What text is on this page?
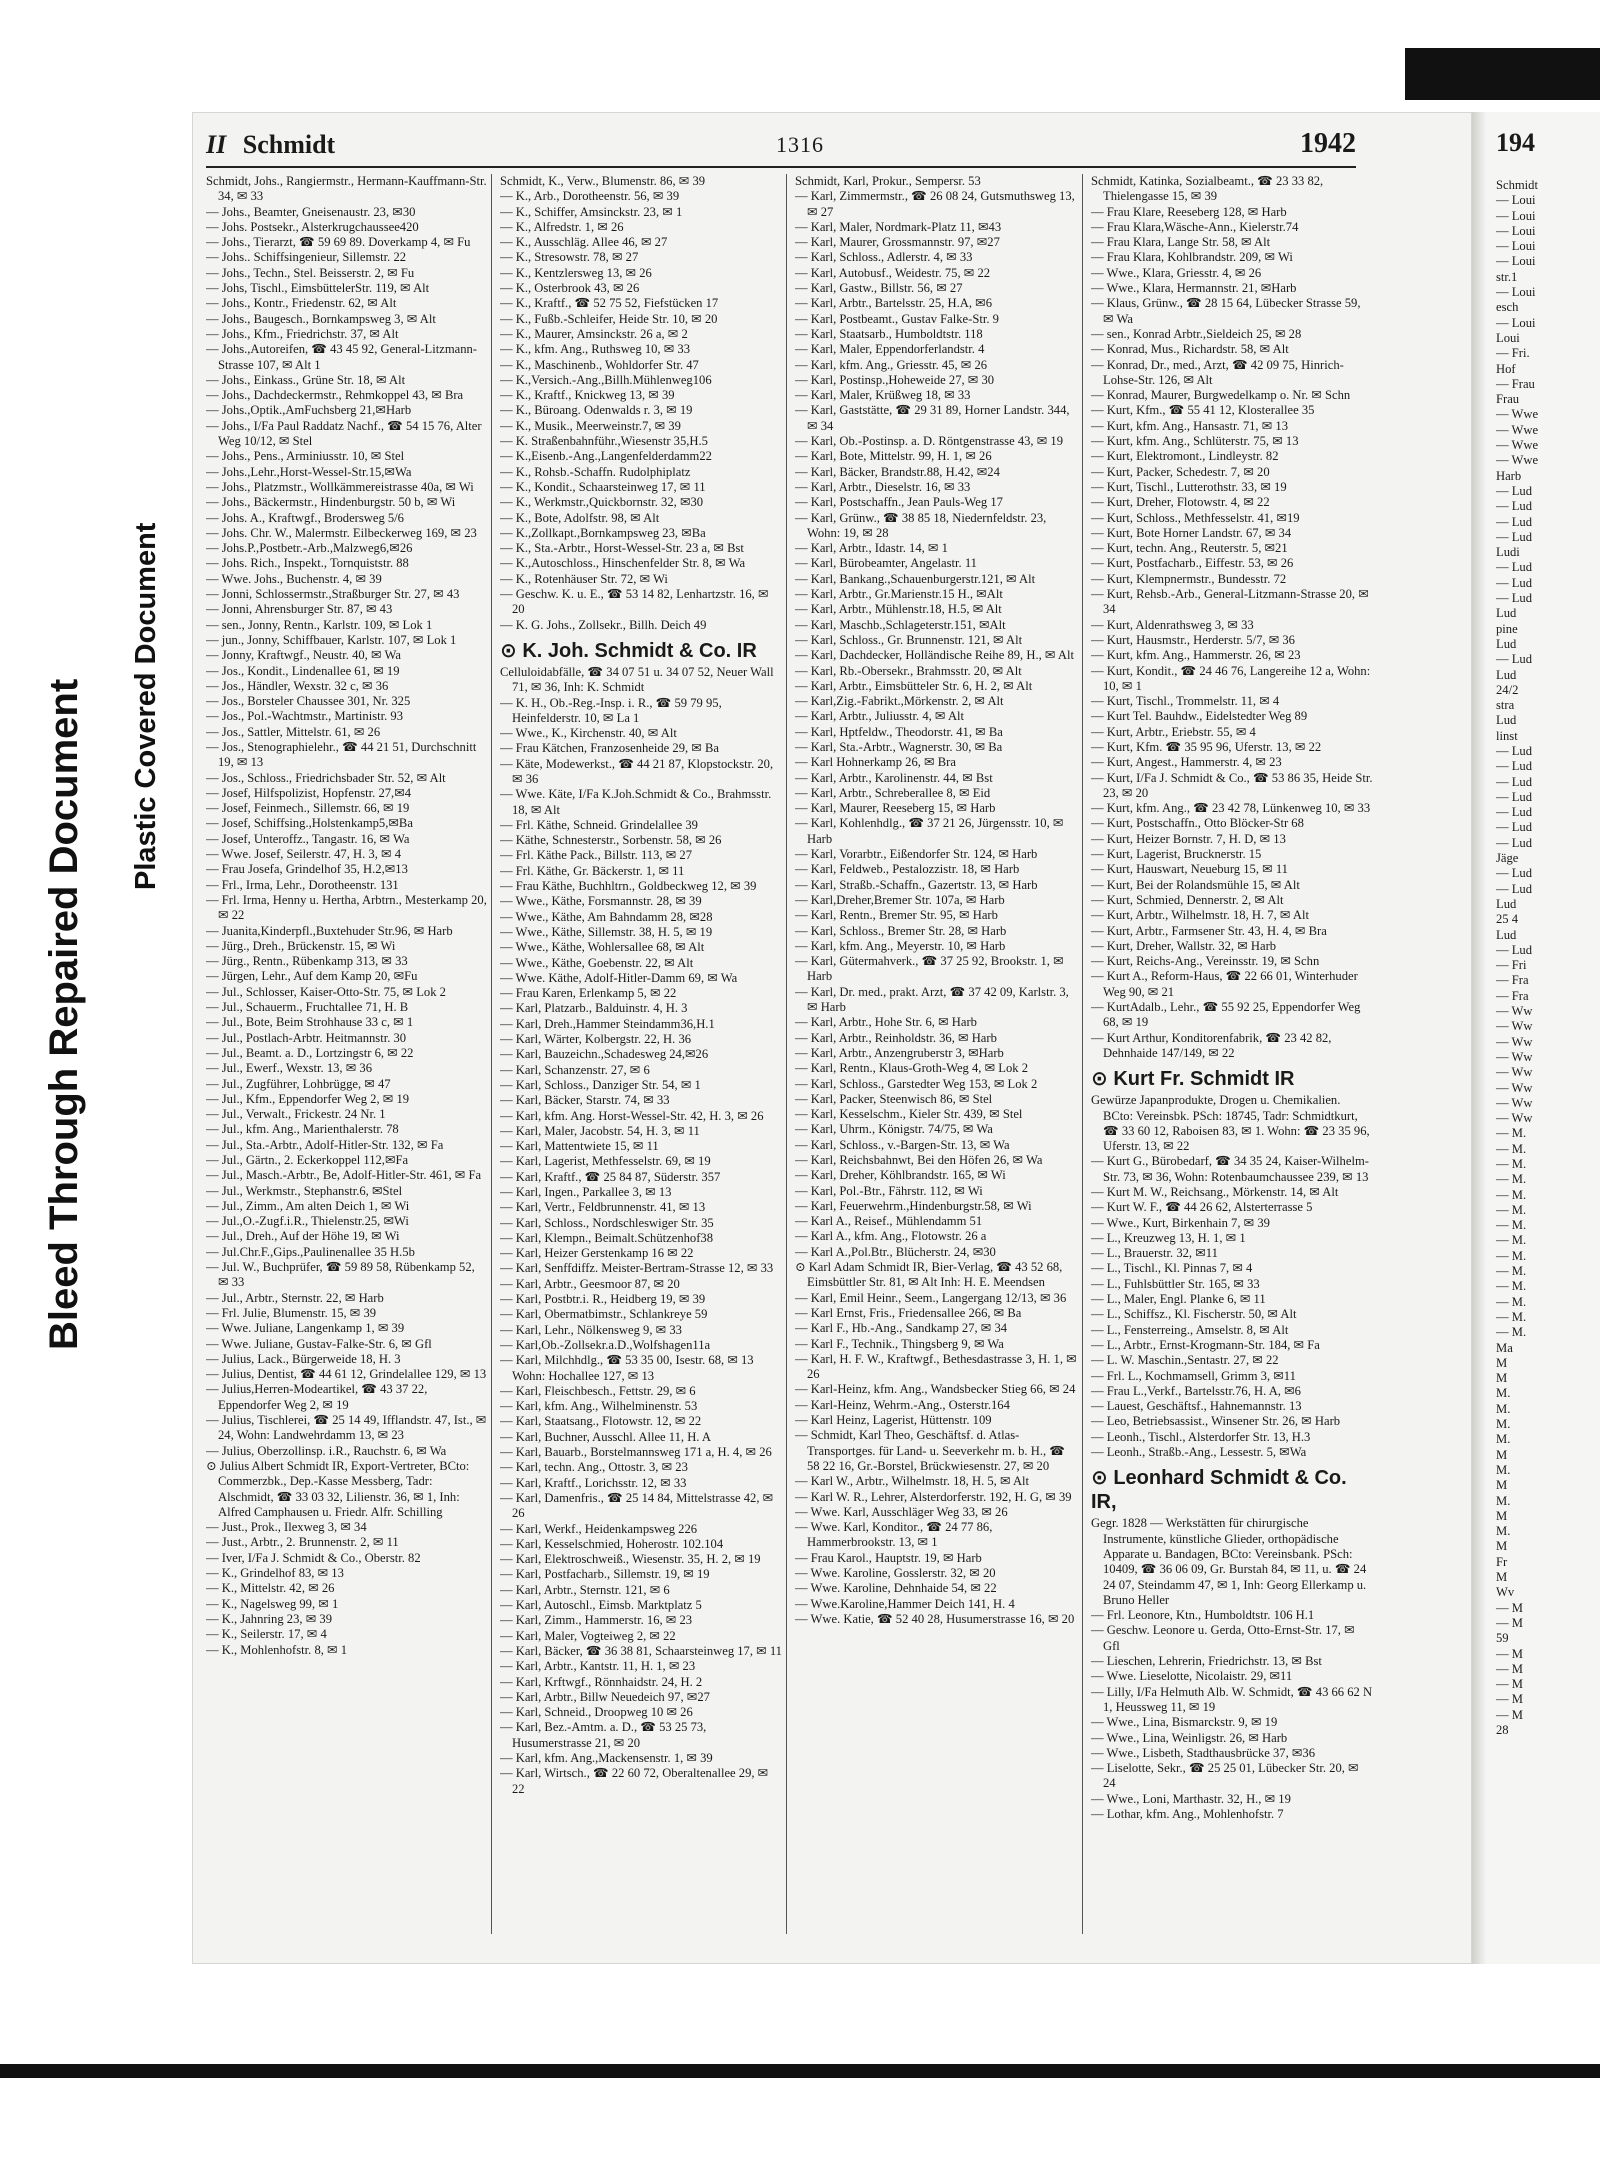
Bleed Through Repaired Document Plastic Covered Document
II Schmidt	1316	1942

Schmidt, Johs., Rangiermstr., Hermann-Kauffmann-Str. 34, ✉ 33

— Johs., Beamter, Gneisenaustr. 23, ✉30

— Johs. Postsekr., Alsterkrugchaussee420

— Johs., Tierarzt, ☎ 59 69 89. Doverkamp 4, ✉ Fu

— Johs.. Schiffsingenieur, Sillemstr. 22

— Johs., Techn., Stel. Beisserstr. 2, ✉ Fu

— Johs, Tischl., EimsbüttelerStr. 119, ✉ Alt

— Johs., Kontr., Friedenstr. 62, ✉ Alt

— Johs., Baugesch., Bornkampsweg 3, ✉ Alt

— Johs., Kfm., Friedrichstr. 37, ✉ Alt

— Johs.,Autoreifen, ☎ 43 45 92, General-Litzmann-Strasse 107, ✉ Alt 1

— Johs., Einkass., Grüne Str. 18, ✉ Alt

— Johs., Dachdeckermstr., Rehmkoppel 43, ✉ Bra

— Johs.,Optik.,AmFuchsberg 21,✉Harb

— Johs., I/Fa Paul Raddatz Nachf., ☎ 54 15 76, Alter Weg 10/12, ✉ Stel

— Johs., Pens., Arminiusstr. 10, ✉ Stel

— Johs.,Lehr.,Horst-Wessel-Str.15,✉Wa

— Johs., Platzmstr., Wollkämmereistrasse 40a, ✉ Wi

— Johs., Bäckermstr., Hindenburgstr. 50 b, ✉ Wi

— Johs. A., Kraftwgf., Brodersweg 5/6

— Johs. Chr. W., Malermstr. Eilbeckerweg 169, ✉ 23

— Johs.P.,Postbetr.-Arb.,Malzweg6,✉26

— Johs. Rich., Inspekt., Tornquiststr. 88

— Wwe. Johs., Buchenstr. 4, ✉ 39

— Jonni, Schlossermstr.,Straßburger Str. 27, ✉ 43

— Jonni, Ahrensburger Str. 87, ✉ 43

— sen., Jonny, Rentn., Karlstr. 109, ✉ Lok 1

— jun., Jonny, Schiffbauer, Karlstr. 107, ✉ Lok 1

— Jonny, Kraftwgf., Neustr. 40, ✉ Wa

— Jos., Kondit., Lindenallee 61, ✉ 19

— Jos., Händler, Wexstr. 32 c, ✉ 36

— Jos., Borsteler Chaussee 301, Nr. 325

— Jos., Pol.-Wachtmstr., Martinistr. 93

— Jos., Sattler, Mittelstr. 61, ✉ 26

— Jos., Stenographielehr., ☎ 44 21 51, Durchschnitt 19, ✉ 13

— Jos., Schloss., Friedrichsbader Str. 52, ✉ Alt

— Josef, Hilfspolizist, Hopfenstr. 27,✉4

— Josef, Feinmech., Sillemstr. 66, ✉ 19

— Josef, Schiffsing.,Holstenkamp5,✉Ba

— Josef, Unteroffz., Tangastr. 16, ✉ Wa

— Wwe. Josef, Seilerstr. 47, H. 3, ✉ 4

— Frau Josefa, Grindelhof 35, H.2,✉13

— Frl., Irma, Lehr., Dorotheenstr. 131

— Frl. Irma, Henny u. Hertha, Arbtrn., Mesterkamp 20, ✉ 22

— Juanita,Kinderpfl.,Buxtehuder Str.96, ✉ Harb

— Jürg., Dreh., Brückenstr. 15, ✉ Wi

— Jürg., Rentn., Rübenkamp 313, ✉ 33

— Jürgen, Lehr., Auf dem Kamp 20, ✉Fu

— Jul., Schlosser, Kaiser-Otto-Str. 75, ✉ Lok 2

— Jul., Schauerm., Fruchtallee 71, H. B

— Jul., Bote, Beim Strohhause 33 c, ✉ 1

— Jul., Postlach-Arbtr. Heitmannstr. 30

— Jul., Beamt. a. D., Lortzingstr 6, ✉ 22

— Jul., Ewerf., Wexstr. 13, ✉ 36

— Jul., Zugführer, Lohbrügge, ✉ 47

— Jul., Kfm., Eppendorfer Weg 2, ✉ 19

— Jul., Verwalt., Frickestr. 24 Nr. 1

— Jul., kfm. Ang., Marienthalerstr. 78

— Jul., Sta.-Arbtr., Adolf-Hitler-Str. 132, ✉ Fa

— Jul., Gärtn., 2. Eckerkoppel 112,✉Fa

— Jul., Masch.-Arbtr., Be, Adolf-Hitler-Str. 461, ✉ Fa

— Jul., Werkmstr., Stephanstr.6, ✉Stel

— Jul., Zimm., Am alten Deich 1, ✉ Wi

— Jul.,O.-Zugf.i.R., Thielenstr.25, ✉Wi

— Jul., Dreh., Auf der Höhe 19, ✉ Wi

— Jul.Chr.F.,Gips.,Paulinenallee 35 H.5b

— Jul. W., Buchprüfer, ☎ 59 89 58, Rübenkamp 52, ✉ 33

— Jul., Arbtr., Sternstr. 22, ✉ Harb

— Frl. Julie, Blumenstr. 15, ✉ 39

— Wwe. Juliane, Langenkamp 1, ✉ 39

— Wwe. Juliane, Gustav-Falke-Str. 6, ✉ Gfl

— Julius, Lack., Bürgerweide 18, H. 3

— Julius, Dentist, ☎ 44 61 12, Grindelallee 129, ✉ 13

— Julius,Herren-Modeartikel, ☎ 43 37 22, Eppendorfer Weg 2, ✉ 19

— Julius, Tischlerei, ☎ 25 14 49, Ifflandstr. 47, Ist., ✉ 24, Wohn: Landwehrdamm 13, ✉ 23

— Julius, Oberzollinsp. i.R., Rauchstr. 6, ✉ Wa

⊙ Julius Albert Schmidt IR, Export-Vertreter, BCto: Commerzbk., Dep.-Kasse Messberg, Tadr: Alschmidt, ☎ 33 03 32, Lilienstr. 36, ✉ 1, Inh: Alfred Camphausen u. Friedr. Alfr. Schilling

— Just., Prok., Ilexweg 3, ✉ 34

— Just., Arbtr., 2. Brunnenstr. 2, ✉ 11

— Iver, I/Fa J. Schmidt & Co., Oberstr. 82

— K., Grindelhof 83, ✉ 13

— K., Mittelstr. 42, ✉ 26

— K., Nagelsweg 99, ✉ 1

— K., Jahnring 23, ✉ 39

— K., Seilerstr. 17, ✉ 4

— K., Mohlenhofstr. 8, ✉ 1

Schmidt, K., Verw., Blumenstr. 86, ✉ 39

— K., Arb., Dorotheenstr. 56, ✉ 39

— K., Schiffer, Amsinckstr. 23, ✉ 1

— K., Alfredstr. 1, ✉ 26

— K., Ausschläg. Allee 46, ✉ 27

— K., Stresowstr. 78, ✉ 27

— K., Kentzlersweg 13, ✉ 26

— K., Osterbrook 43, ✉ 26

— K., Kraftf., ☎ 52 75 52, Fiefstücken 17

— K., Fußb.-Schleifer, Heide Str. 10, ✉ 20

— K., Maurer, Amsinckstr. 26 a, ✉ 2

— K., kfm. Ang., Ruthsweg 10, ✉ 33

— K., Maschinenb., Wohldorfer Str. 47

— K.,Versich.-Ang.,Billh.Mühlenweg106

— K., Kraftf., Knickweg 13, ✉ 39

— K., Büroang. Odenwalds r. 3, ✉ 19

— K., Musik., Meerweinstr.7, ✉ 39

— K. Straßenbahnführ.,Wiesenstr 35,H.5

— K.,Eisenb.-Ang.,Langenfelderdamm22

— K., Rohsb.-Schaffn. Rudolphiplatz

— K., Kondit., Schaarsteinweg 17, ✉ 11

— K., Werkmstr.,Quickbornstr. 32, ✉30

— K., Bote, Adolfstr. 98, ✉ Alt

— K.,Zollkapt.,Bornkampsweg 23, ✉Ba

— K., Sta.-Arbtr., Horst-Wessel-Str. 23 a, ✉ Bst

— K.,Autoschloss., Hinschenfelder Str. 8, ✉ Wa

— K., Rotenhäuser Str. 72, ✉ Wi

— Geschw. K. u. E., ☎ 53 14 82, Lenhartzstr. 16, ✉ 20

— K. G. Johs., Zollsekr., Billh. Deich 49

⊙ K. Joh. Schmidt & Co. IR

Celluloidabfälle, ☎ 34 07 51 u. 34 07 52, Neuer Wall 71, ✉ 36, Inh: K. Schmidt

— K. H., Ob.-Reg.-Insp. i. R., ☎ 59 79 95, Heinfelderstr. 10, ✉ La 1

— Wwe., K., Kirchenstr. 40, ✉ Alt

— Frau Kätchen, Franzosenheide 29, ✉ Ba

— Käte, Modewerkst., ☎ 44 21 87, Klopstockstr. 20, ✉ 36

— Wwe. Käte, I/Fa K.Joh.Schmidt & Co., Brahmsstr. 18, ✉ Alt

— Frl. Käthe, Schneid. Grindelallee 39

— Käthe, Schnesterstr., Sorbenstr. 58, ✉ 26

— Frl. Käthe Pack., Billstr. 113, ✉ 27

— Frl. Käthe, Gr. Bäckerstr. 1, ✉ 11

— Frau Käthe, Buchhltrn., Goldbeckweg 12, ✉ 39

— Wwe., Käthe, Forsmannstr. 28, ✉ 39

— Wwe., Käthe, Am Bahndamm 28, ✉28

— Wwe., Käthe, Sillemstr. 38, H. 5, ✉ 19

— Wwe., Käthe, Wohlersallee 68, ✉ Alt

— Wwe., Käthe, Goebenstr. 22, ✉ Alt

— Wwe. Käthe, Adolf-Hitler-Damm 69, ✉ Wa

— Frau Karen, Erlenkamp 5, ✉ 22

— Karl, Platzarb., Balduinstr. 4, H. 3

— Karl, Dreh.,Hammer Steindamm36,H.1

— Karl, Wärter, Kolbergstr. 22, H. 36

— Karl, Bauzeichn.,Schadesweg 24,✉26

— Karl, Schanzenstr. 27, ✉ 6

— Karl, Schloss., Danziger Str. 54, ✉ 1

— Karl, Bäcker, Starstr. 74, ✉ 33

— Karl, kfm. Ang. Horst-Wessel-Str. 42, H. 3, ✉ 26

— Karl, Maler, Jacobstr. 54, H. 3, ✉ 11

— Karl, Mattentwiete 15, ✉ 11

— Karl, Lagerist, Methfesselstr. 69, ✉ 19

— Karl, Kraftf., ☎ 25 84 87, Süderstr. 357

— Karl, Ingen., Parkallee 3, ✉ 13

— Karl, Vertr., Feldbrunnenstr. 41, ✉ 13

— Karl, Schloss., Nordschleswiger Str. 35

— Karl, Klempn., Beimalt.Schützenhof38

— Karl, Heizer Gerstenkamp 16 ✉ 22

— Karl, Senffdiffz. Meister-Bertram-Strasse 12, ✉ 33

— Karl, Arbtr., Geesmoor 87, ✉ 20

— Karl, Postbtr.i. R., Heidberg 19, ✉ 39

— Karl, Obermatbimstr., Schlankreye 59

— Karl, Lehr., Nölkensweg 9, ✉ 33

— Karl,Ob.-Zollsekr.a.D.,Wolfshagen11a

— Karl, Milchhdlg., ☎ 53 35 00, Isestr. 68, ✉ 13 Wohn: Hochallee 127, ✉ 13

— Karl, Fleischbesch., Fettstr. 29, ✉ 6

— Karl, kfm. Ang., Wilhelminenstr. 53

— Karl, Staatsang., Flotowstr. 12, ✉ 22

— Karl, Buchner, Ausschl. Allee 11, H. A

— Karl, Bauarb., Borstelmannsweg 171 a, H. 4, ✉ 26

— Karl, techn. Ang., Ottostr. 3, ✉ 23

— Karl, Kraftf., Lorichsstr. 12, ✉ 33

— Karl, Damenfris., ☎ 25 14 84, Mittelstrasse 42, ✉ 26

— Karl, Werkf., Heidenkampsweg 226

— Karl, Kesselschmied, Hoherostr. 102.104

— Karl, Elektroschweiß., Wiesenstr. 35, H. 2, ✉ 19

— Karl, Postfacharb., Sillemstr. 19, ✉ 19

— Karl, Arbtr., Sternstr. 121, ✉ 6

— Karl, Autoschl., Eimsb. Marktplatz 5

— Karl, Zimm., Hammerstr. 16, ✉ 23

— Karl, Maler, Vogteiweg 2, ✉ 22

— Karl, Bäcker, ☎ 36 38 81, Schaarsteinweg 17, ✉ 11

— Karl, Arbtr., Kantstr. 11, H. 1, ✉ 23

— Karl, Krftwgf., Rönnhaidstr. 24, H. 2

— Karl, Arbtr., Billw Neuedeich 97, ✉27

— Karl, Schneid., Droopweg 10 ✉ 26

— Karl, Bez.-Amtm. a. D., ☎ 53 25 73, Husumerstrasse 21, ✉ 20

— Karl, kfm. Ang.,Mackensenstr. 1, ✉ 39

— Karl, Wirtsch., ☎ 22 60 72, Oberaltenallee 29, ✉ 22

Schmidt, Karl, Prokur., Sempersr. 53

— Karl, Zimmermstr., ☎ 26 08 24, Gutsmuthsweg 13, ✉ 27

— Karl, Maler, Nordmark-Platz 11, ✉43

— Karl, Maurer, Grossmannstr. 97, ✉27

— Karl, Schloss., Adlerstr. 4, ✉ 33

— Karl, Autobusf., Weidestr. 75, ✉ 22

— Karl, Gastw., Billstr. 56, ✉ 27

— Karl, Arbtr., Bartelsstr. 25, H.A, ✉6

— Karl, Postbeamt., Gustav Falke-Str. 9

— Karl, Staatsarb., Humboldtstr. 118

— Karl, Maler, Eppendorferlandstr. 4

— Karl, kfm. Ang., Griesstr. 45, ✉ 26

— Karl, Postinsp.,Hoheweide 27, ✉ 30

— Karl, Maler, Krüßweg 18, ✉ 33

— Karl, Gaststätte, ☎ 29 31 89, Horner Landstr. 344, ✉ 34

— Karl, Ob.-Postinsp. a. D. Röntgenstrasse 43, ✉ 19

— Karl, Bote, Mittelstr. 99, H. 1, ✉ 26

— Karl, Bäcker, Brandstr.88, H.42, ✉24

— Karl, Arbtr., Dieselstr. 16, ✉ 33

— Karl, Postschaffn., Jean Pauls-Weg 17

— Karl, Grünw., ☎ 38 85 18, Niedernfeldstr. 23, Wohn: 19, ✉ 28

— Karl, Arbtr., Idastr. 14, ✉ 1

— Karl, Bürobeamter, Angelastr. 11

— Karl, Bankang.,Schauenburgerstr.121, ✉ Alt

— Karl, Arbtr., Gr.Marienstr.15 H., ✉Alt

— Karl, Arbtr., Mühlenstr.18, H.5, ✉ Alt

— Karl, Maschb.,Schlageterstr.151, ✉Alt

— Karl, Schloss., Gr. Brunnenstr. 121, ✉ Alt

— Karl, Dachdecker, Holländische Reihe 89, H., ✉ Alt

— Karl, Rb.-Obersekr., Brahmsstr. 20, ✉ Alt

— Karl, Arbtr., Eimsbütteler Str. 6, H. 2, ✉ Alt

— Karl,Zig.-Fabrikt.,Mörkenstr. 2, ✉ Alt

— Karl, Arbtr., Juliusstr. 4, ✉ Alt

— Karl, Hptfeldw., Theodorstr. 41, ✉ Ba

— Karl, Sta.-Arbtr., Wagnerstr. 30, ✉ Ba

— Karl Hohnerkamp 26, ✉ Bra

— Karl, Arbtr., Karolinenstr. 44, ✉ Bst

— Karl, Arbtr., Schreberallee 8, ✉ Eid

— Karl, Maurer, Reeseberg 15, ✉ Harb

— Karl, Kohlenhdlg., ☎ 37 21 26, Jürgensstr. 10, ✉ Harb

— Karl, Vorarbtr., Eißendorfer Str. 124, ✉ Harb

— Karl, Feldweb., Pestalozzistr. 18, ✉ Harb

— Karl, Straßb.-Schaffn., Gazertstr. 13, ✉ Harb

— Karl,Dreher,Bremer Str. 107a, ✉ Harb

— Karl, Rentn., Bremer Str. 95, ✉ Harb

— Karl, Schloss., Bremer Str. 28, ✉ Harb

— Karl, kfm. Ang., Meyerstr. 10, ✉ Harb

— Karl, Gütermahverk., ☎ 37 25 92, Brookstr. 1, ✉ Harb

— Karl, Dr. med., prakt. Arzt, ☎ 37 42 09, Karlstr. 3, ✉ Harb

— Karl, Arbtr., Hohe Str. 6, ✉ Harb

— Karl, Arbtr., Reinholdstr. 36, ✉ Harb

— Karl, Arbtr., Anzengruberstr 3, ✉Harb

— Karl, Rentn., Klaus-Groth-Weg 4, ✉ Lok 2

— Karl, Schloss., Garstedter Weg 153, ✉ Lok 2

— Karl, Packer, Steenwisch 86, ✉ Stel

— Karl, Kesselschm., Kieler Str. 439, ✉ Stel

— Karl, Uhrm., Königstr. 74/75, ✉ Wa

— Karl, Schloss., v.-Bargen-Str. 13, ✉ Wa

— Karl, Reichsbahnwt, Bei den Höfen 26, ✉ Wa

— Karl, Dreher, Köhlbrandstr. 165, ✉ Wi

— Karl, Pol.-Btr., Fährstr. 112, ✉ Wi

— Karl, Feuerwehrm.,Hindenburgstr.58, ✉ Wi

— Karl A., Reisef., Mühlendamm 51

— Karl A., kfm. Ang., Flotowstr. 26 a

— Karl A.,Pol.Btr., Blücherstr. 24, ✉30

⊙ Karl Adam Schmidt IR, Bier-Verlag, ☎ 43 52 68, Eimsbüttler Str. 81, ✉ Alt Inh: H. E. Meendsen

— Karl, Emil Heinr., Seem., Langergang 12/13, ✉ 36

— Karl Ernst, Fris., Friedensallee 266, ✉ Ba

— Karl F., Hb.-Ang., Sandkamp 27, ✉ 34

— Karl F., Technik., Thingsberg 9, ✉ Wa

— Karl, H. F. W., Kraftwgf., Bethesdastrasse 3, H. 1, ✉ 26

— Karl-Heinz, kfm. Ang., Wandsbecker Stieg 66, ✉ 24

— Karl-Heinz, Wehrm.-Ang., Osterstr.164

— Karl Heinz, Lagerist, Hüttenstr. 109

— Schmidt, Karl Theo, Geschäftsf. d. Atlas-Transportges. für Land- u. Seeverkehr m. b. H., ☎ 58 22 16, Gr.-Borstel, Brückwiesenstr. 27, ✉ 20

— Karl W., Arbtr., Wilhelmstr. 18, H. 5, ✉ Alt

— Karl W. R., Lehrer, Alsterdorferstr. 192, H. G, ✉ 39

— Wwe. Karl, Ausschläger Weg 33, ✉ 26

— Wwe. Karl, Konditor., ☎ 24 77 86, Hammerbrookstr. 13, ✉ 1

— Frau Karol., Hauptstr. 19, ✉ Harb

— Wwe. Karoline, Gosslerstr. 32, ✉ 20

— Wwe. Karoline, Dehnhaide 54, ✉ 22

— Wwe.Karoline,Hammer Deich 141, H. 4

— Wwe. Katie, ☎ 52 40 28, Husumerstrasse 16, ✉ 20

Schmidt, Katinka, Sozialbeamt., ☎ 23 33 82, Thielengasse 15, ✉ 39

— Frau Klare, Reeseberg 128, ✉ Harb

— Frau Klara,Wäsche-Ann., Kielerstr.74

— Frau Klara, Lange Str. 58, ✉ Alt

— Frau Klara, Kohlbrandstr. 209, ✉ Wi

— Wwe., Klara, Griesstr. 4, ✉ 26

— Wwe., Klara, Hermannstr. 21, ✉Harb

— Klaus, Grünw., ☎ 28 15 64, Lübecker Strasse 59, ✉ Wa

— sen., Konrad Arbtr.,Sieldeich 25, ✉ 28

— Konrad, Mus., Richardstr. 58, ✉ Alt

— Konrad, Dr., med., Arzt, ☎ 42 09 75, Hinrich-Lohse-Str. 126, ✉ Alt

— Konrad, Maurer, Burgwedelkamp o. Nr. ✉ Schn

— Kurt, Kfm., ☎ 55 41 12, Klosterallee 35

— Kurt, kfm. Ang., Hansastr. 71, ✉ 13

— Kurt, kfm. Ang., Schlüterstr. 75, ✉ 13

— Kurt, Elektromont., Lindleystr. 82

— Kurt, Packer, Schedestr. 7, ✉ 20

— Kurt, Tischl., Lutterothstr. 33, ✉ 19

— Kurt, Dreher, Flotowstr. 4, ✉ 22

— Kurt, Schloss., Methfesselstr. 41, ✉19

— Kurt, Bote Horner Landstr. 67, ✉ 34

— Kurt, techn. Ang., Reuterstr. 5, ✉21

— Kurt, Postfacharb., Eiffestr. 53, ✉ 26

— Kurt, Klempnermstr., Bundesstr. 72

— Kurt, Rehsb.-Arb., General-Litzmann-Strasse 20, ✉ 34

— Kurt, Aldenrathsweg 3, ✉ 33

— Kurt, Hausmstr., Herderstr. 5/7, ✉ 36

— Kurt, kfm. Ang., Hammerstr. 26, ✉ 23

— Kurt, Kondit., ☎ 24 46 76, Langereihe 12 a, Wohn: 10, ✉ 1

— Kurt, Tischl., Trommelstr. 11, ✉ 4

— Kurt Tel. Bauhdw., Eidelstedter Weg 89

— Kurt, Arbtr., Eriebstr. 55, ✉ 4

— Kurt, Kfm. ☎ 35 95 96, Uferstr. 13, ✉ 22

— Kurt, Angest., Hammerstr. 4, ✉ 23

— Kurt, I/Fa J. Schmidt & Co., ☎ 53 86 35, Heide Str. 23, ✉ 20

— Kurt, kfm. Ang., ☎ 23 42 78, Lünkenweg 10, ✉ 33

— Kurt, Postschaffn., Otto Blöcker-Str 68

— Kurt, Heizer Bornstr. 7, H. D, ✉ 13

— Kurt, Lagerist, Brucknerstr. 15

— Kurt, Hauswart, Neueburg 15, ✉ 11

— Kurt, Bei der Rolandsmühle 15, ✉ Alt

— Kurt, Schmied, Dennerstr. 2, ✉ Alt

— Kurt, Arbtr., Wilhelmstr. 18, H. 7, ✉ Alt

— Kurt, Arbtr., Farmsener Str. 43, H. 4, ✉ Bra

— Kurt, Dreher, Wallstr. 32, ✉ Harb

— Kurt, Reichs-Ang., Vereinsstr. 19, ✉ Schn

— Kurt A., Reform-Haus, ☎ 22 66 01, Winterhuder Weg 90, ✉ 21

— KurtAdalb., Lehr., ☎ 55 92 25, Eppendorfer Weg 68, ✉ 19

— Kurt Arthur, Konditorenfabrik, ☎ 23 42 82, Dehnhaide 147/149, ✉ 22

⊙ Kurt Fr. Schmidt IR

Gewürze Japanprodukte, Drogen u. Chemikalien. BCto: Vereinsbk. PSch: 18745, Tadr: Schmidtkurt, ☎ 33 60 12, Raboisen 83, ✉ 1. Wohn: ☎ 23 35 96, Uferstr. 13, ✉ 22

— Kurt G., Bürobedarf, ☎ 34 35 24, Kaiser-Wilhelm-Str. 73, ✉ 36, Wohn: Rotenbaumchaussee 239, ✉ 13

— Kurt M. W., Reichsang., Mörkenstr. 14, ✉ Alt

— Kurt W. F., ☎ 44 26 62, Alsterterrasse 5

— Wwe., Kurt, Birkenhain 7, ✉ 39

— L., Kreuzweg 13, H. 1, ✉ 1

— L., Brauerstr. 32, ✉11

— L., Tischl., Kl. Pinnas 7, ✉ 4

— L., Fuhlsbüttler Str. 165, ✉ 33

— L., Maler, Engl. Planke 6, ✉ 11

— L., Schiffsz., Kl. Fischerstr. 50, ✉ Alt

— L., Fensterreing., Amselstr. 8, ✉ Alt

— L., Arbtr., Ernst-Krogmann-Str. 184, ✉ Fa

— L. W. Maschin.,Sentastr. 27, ✉ 22

— Frl. L., Kochmamsell, Grimm 3, ✉11

— Frau L.,Verkf., Bartelsstr.76, H. A, ✉6

— Lauest, Geschäftsf., Hahnemannstr. 13

— Leo, Betriebsassist., Winsener Str. 26, ✉ Harb

— Leonh., Tischl., Alsterdorfer Str. 13, H.3

— Leonh., Straßb.-Ang., Lessestr. 5, ✉Wa

⊙ Leonhard Schmidt & Co. IR,

Gegr. 1828 — Werkstätten für chirurgische Instrumente, künstliche Glieder, orthopädische Apparate u. Bandagen, BCto: Vereinsbank. PSch: 10409, ☎ 36 06 09, Gr. Burstah 84, ✉ 11, u. ☎ 24 24 07, Steindamm 47, ✉ 1, Inh: Georg Ellerkamp u. Bruno Heller

— Frl. Leonore, Ktn., Humboldtstr. 106 H.1

— Geschw. Leonore u. Gerda, Otto-Ernst-Str. 17, ✉ Gfl

— Lieschen, Lehrerin, Friedrichstr. 13, ✉ Bst

— Wwe. Lieselotte, Nicolaistr. 29, ✉11

— Lilly, I/Fa Helmuth Alb. W. Schmidt, ☎ 43 66 62 N 1, Heussweg 11, ✉ 19

— Wwe., Lina, Bismarckstr. 9, ✉ 19

— Wwe., Lina, Weinligstr. 26, ✉ Harb

— Wwe., Lisbeth, Stadthausbrücke 37, ✉36

— Liselotte, Sekr., ☎ 25 25 01, Lübecker Str. 20, ✉ 24

— Wwe., Loni, Marthastr. 32, H., ✉ 19

— Lothar, kfm. Ang., Mohlenhofstr. 7

194
Schmidt
— Loui
— Loui
— Loui
— Loui
— Loui
str.1
— Loui
esch
— Loui
Loui
— Fri.
Hof
— Frau
Frau
— Wwe
— Wwe
— Wwe
— Wwe
Harb
— Lud
— Lud
— Lud
— Lud
Ludi
— Lud
— Lud
— Lud
Lud
pine
Lud
— Lud
Lud
24/2
stra
Lud
linst
— Lud
— Lud
— Lud
— Lud
— Lud
— Lud
— Lud
Jäge
— Lud
— Lud
Lud
25 4
Lud
— Lud
— Fri
— Fra
— Fra
— Ww
— Ww
— Ww
— Ww
— Ww
— Ww
— Ww
— Ww
— M.
— M.
— M.
— M.
— M.
— M.
— M.
— M.
— M.
— M.
— M.
— M.
— M.
— M.
Ma
M
M
M.
M.
M.
M.
M
M.
M
M.
M
M.
M
Fr
M
Wv
— M
— M
59
— M
— M
— M
— M
— M
28
